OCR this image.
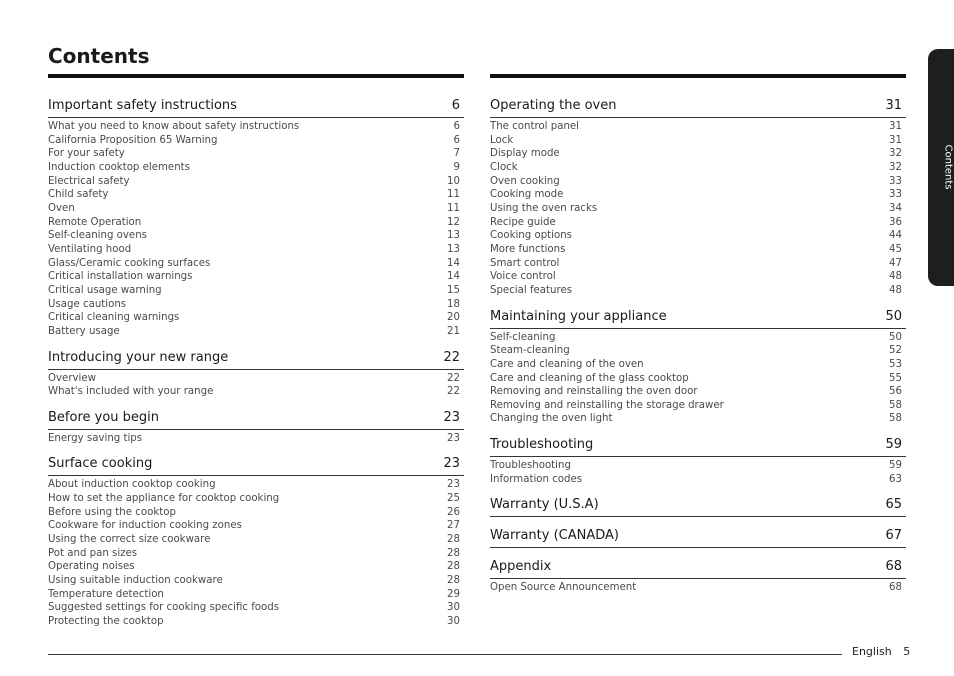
Contents
Important safety instructions	6
What you need to know about safety instructions	6
California Proposition 65 Warning	6
For your safety	7
Induction cooktop elements	9
Electrical safety	10
Child safety	11
Oven	11
Remote Operation	12
Self-cleaning ovens	13
Ventilating hood	13
Glass/Ceramic cooking surfaces	14
Critical installation warnings	14
Critical usage warning	15
Usage cautions	18
Critical cleaning warnings	20
Battery usage	21
Introducing your new range	22
Overview	22
What's included with your range	22
Before you begin	23
Energy saving tips	23
Surface cooking	23
About induction cooktop cooking	23
How to set the appliance for cooktop cooking	25
Before using the cooktop	26
Cookware for induction cooking zones	27
Using the correct size cookware	28
Pot and pan sizes	28
Operating noises	28
Using suitable induction cookware	28
Temperature detection	29
Suggested settings for cooking specific foods	30
Protecting the cooktop	30
Operating the oven	31
The control panel	31
Lock	31
Display mode	32
Clock	32
Oven cooking	33
Cooking mode	33
Using the oven racks	34
Recipe guide	36
Cooking options	44
More functions	45
Smart control	47
Voice control	48
Special features	48
Maintaining your appliance	50
Self-cleaning	50
Steam-cleaning	52
Care and cleaning of the oven	53
Care and cleaning of the glass cooktop	55
Removing and reinstalling the oven door	56
Removing and reinstalling the storage drawer	58
Changing the oven light	58
Troubleshooting	59
Troubleshooting	59
Information codes	63
Warranty (U.S.A)	65
Warranty (CANADA)	67
Appendix	68
Open Source Announcement	68
Contents
English 5
